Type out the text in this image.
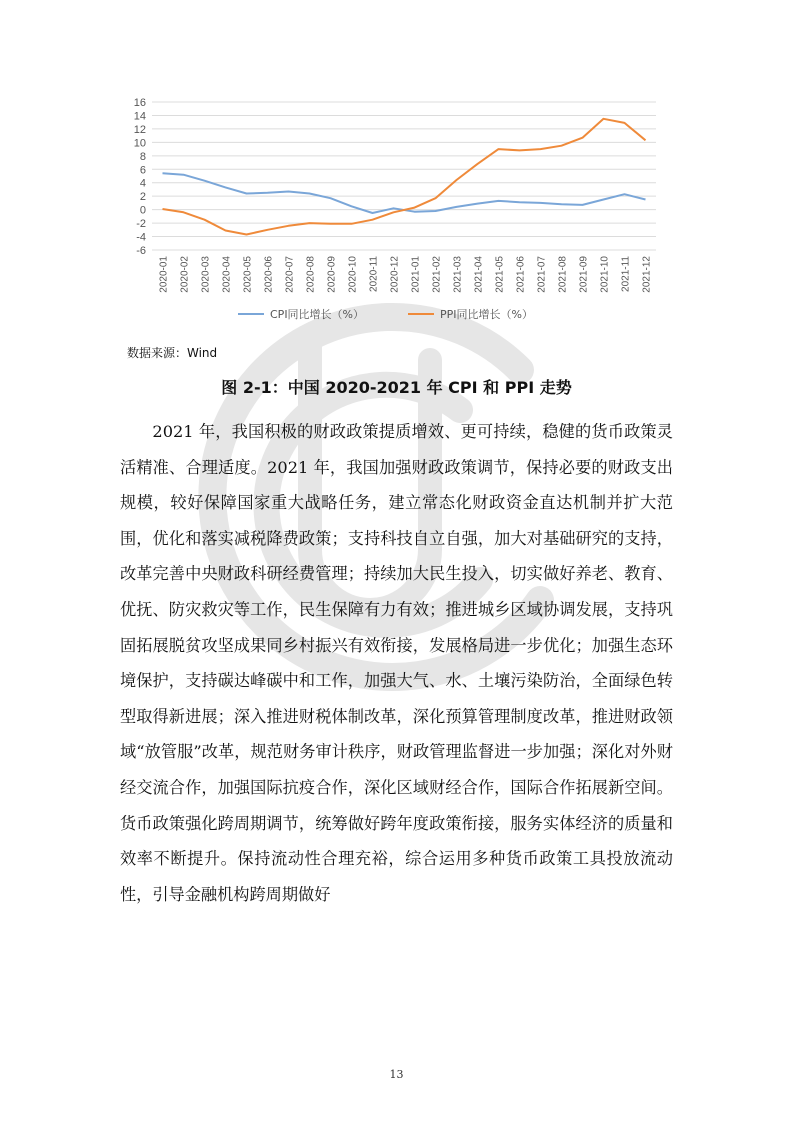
16
14
12
10
8
6
4
2
0
-2
-4
-6
2020-01 2020-02 2020-03 2020-04 2020-05 2020-06 2020-07 2020-08 2020-09 2020-10 2020-11 2020-12 2021-01 2021-02 2021-03 2021-04 2021-05 2021-06 2021-07 2021-08 2021-09 2021-10 2021-11 2021-12
CPI同比增长（%）	PPI同比增长（%）
数据来源：Wind
图 2-1：中国 2020-2021 年 CPI 和 PPI 走势

2021 年，我国积极的财政政策提质增效、更可持续，稳健的货币政策灵活精准、合理适度。2021 年，我国加强财政政策调节，保持必要的财政支出规模，较好保障国家重大战略任务，建立常态化财政资金直达机制并扩大范围，优化和落实减税降费政策；支持科技自立自强，加大对基础研究的支持，改革完善中央财政科研经费管理；持续加大民生投入，切实做好养老、教育、优抚、防灾救灾等工作，民生保障有力有效；推进城乡区域协调发展，支持巩固拓展脱贫攻坚成果同乡村振兴有效衔接，发展格局进一步优化；加强生态环境保护，支持碳达峰碳中和工作，加强大气、水、土壤污染防治，全面绿色转型取得新进展；深入推进财税体制改革，深化预算管理制度改革，推进财政领域“放管服”改革，规范财务审计秩序，财政管理监督进一步加强；深化对外财经交流合作，加强国际抗疫合作，深化区域财经合作，国际合作拓展新空间。货币政策强化跨周期调节，统筹做好跨年度政策衔接，服务实体经济的质量和效率不断提升。保持流动性合理充裕，综合运用多种货币政策工具投放流动性，引导金融机构跨周期做好

13
